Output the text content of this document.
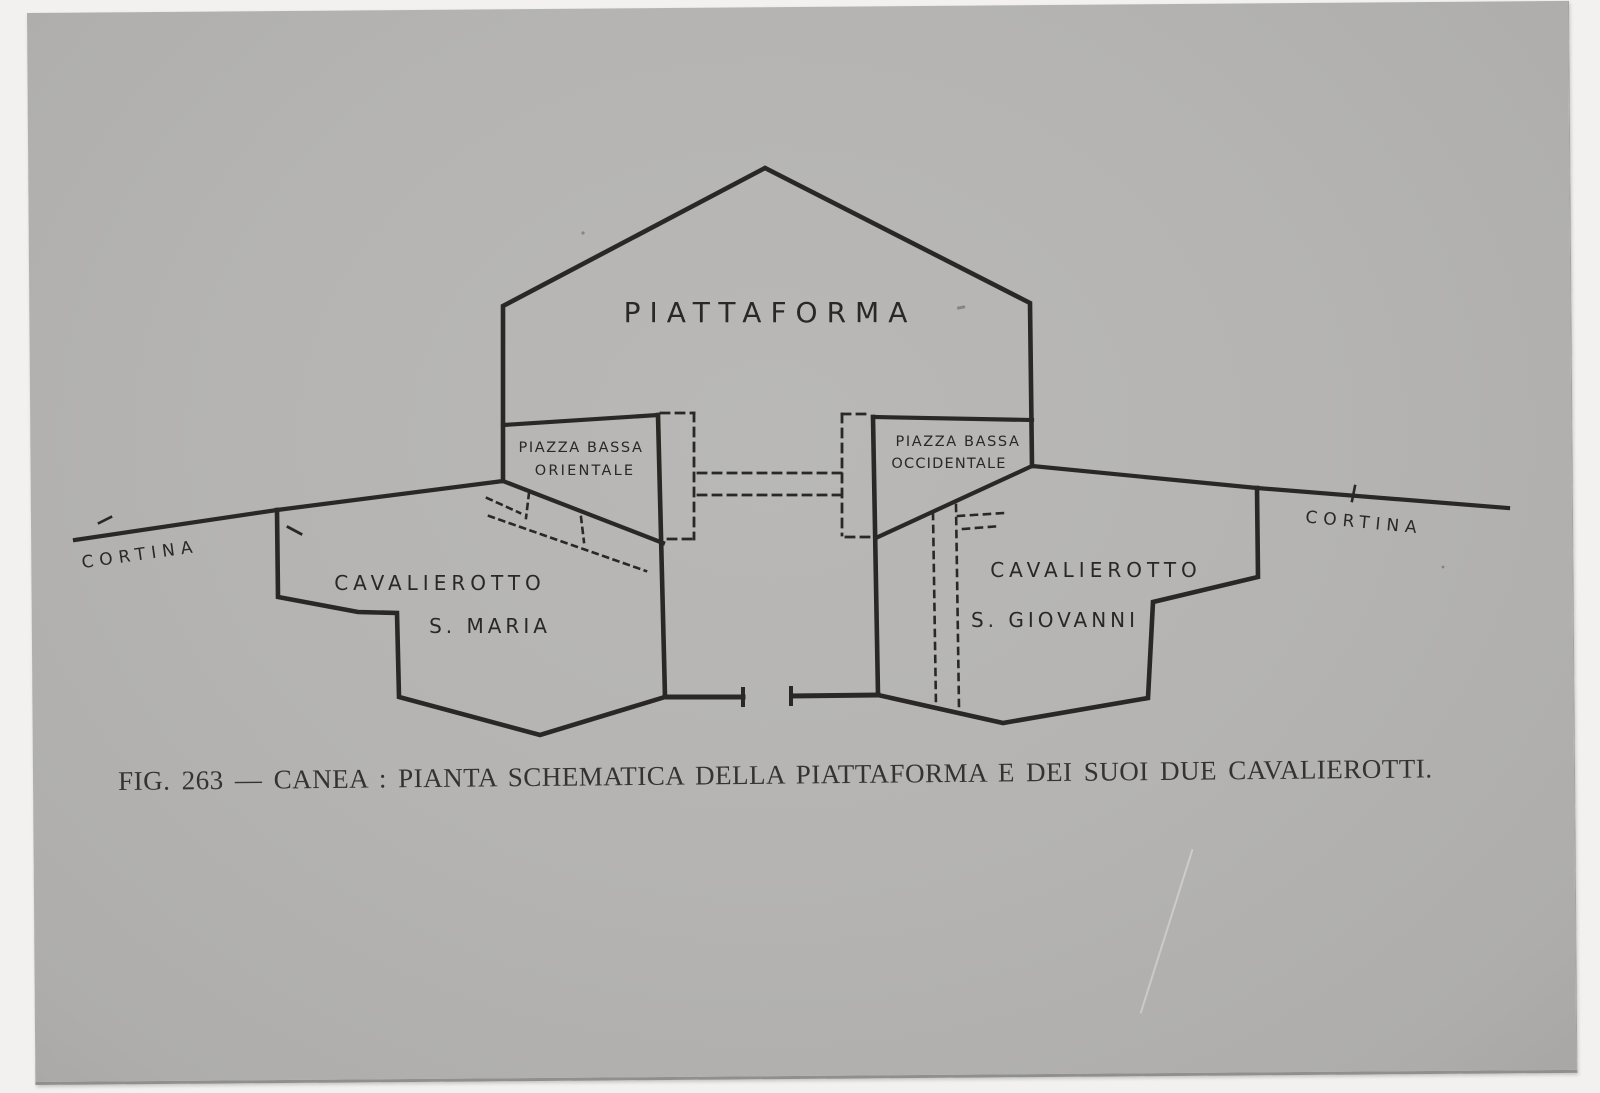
PIATTAFORMA
PIAZZA BASSA
ORIENTALE
PIAZZA BASSA
OCCIDENTALE
CAVALIEROTTO
S. MARIA
CAVALIEROTTO
S. GIOVANNI
CORTINA
CORTINA
FIG. 263 — CANEA : PIANTA SCHEMATICA DELLA PIATTAFORMA E DEI SUOI DUE CAVALIEROTTI.
